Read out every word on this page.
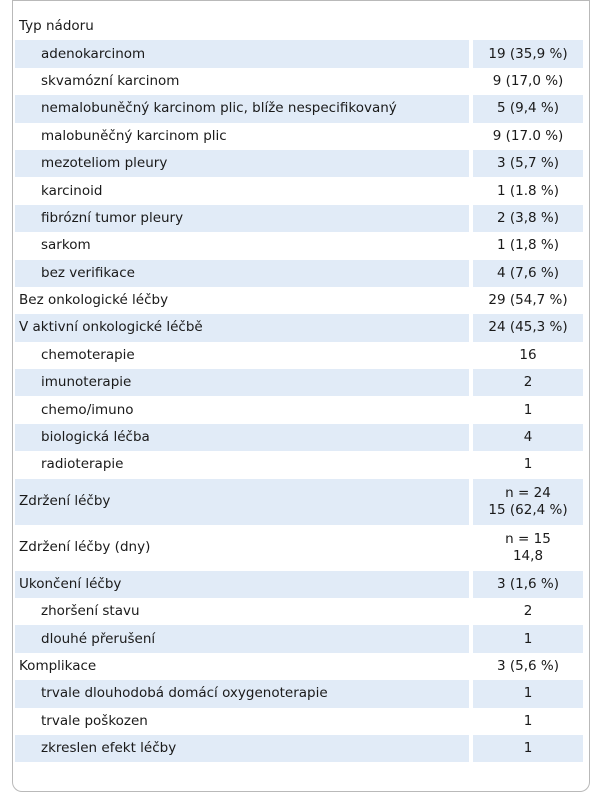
Typ nádoru		
adenokarcinom		19 (35,9 %)
skvamózní karcinom		9 (17,0 %)
nemalobuněčný karcinom plic, blíže nespecifikovaný		5 (9,4 %)
malobuněčný karcinom plic		9 (17.0 %)
mezoteliom pleury		3 (5,7 %)
karcinoid		1 (1.8 %)
fibrózní tumor pleury		2 (3,8 %)
sarkom		1 (1,8 %)
bez verifikace		4 (7,6 %)
Bez onkologické léčby		29 (54,7 %)
V aktivní onkologické léčbě		24 (45,3 %)
chemoterapie		16
imunoterapie		2
chemo/imuno		1
biologická léčba		4
radioterapie		1
Zdržení léčby		n = 24
15 (62,4 %)

Zdržení léčby (dny)		n = 15
14,8

Ukončení léčby		3 (1,6 %)
zhoršení stavu		2
dlouhé přerušení		1
Komplikace		3 (5,6 %)
trvale dlouhodobá domácí oxygenoterapie		1
trvale poškozen		1
zkreslen efekt léčby		1
